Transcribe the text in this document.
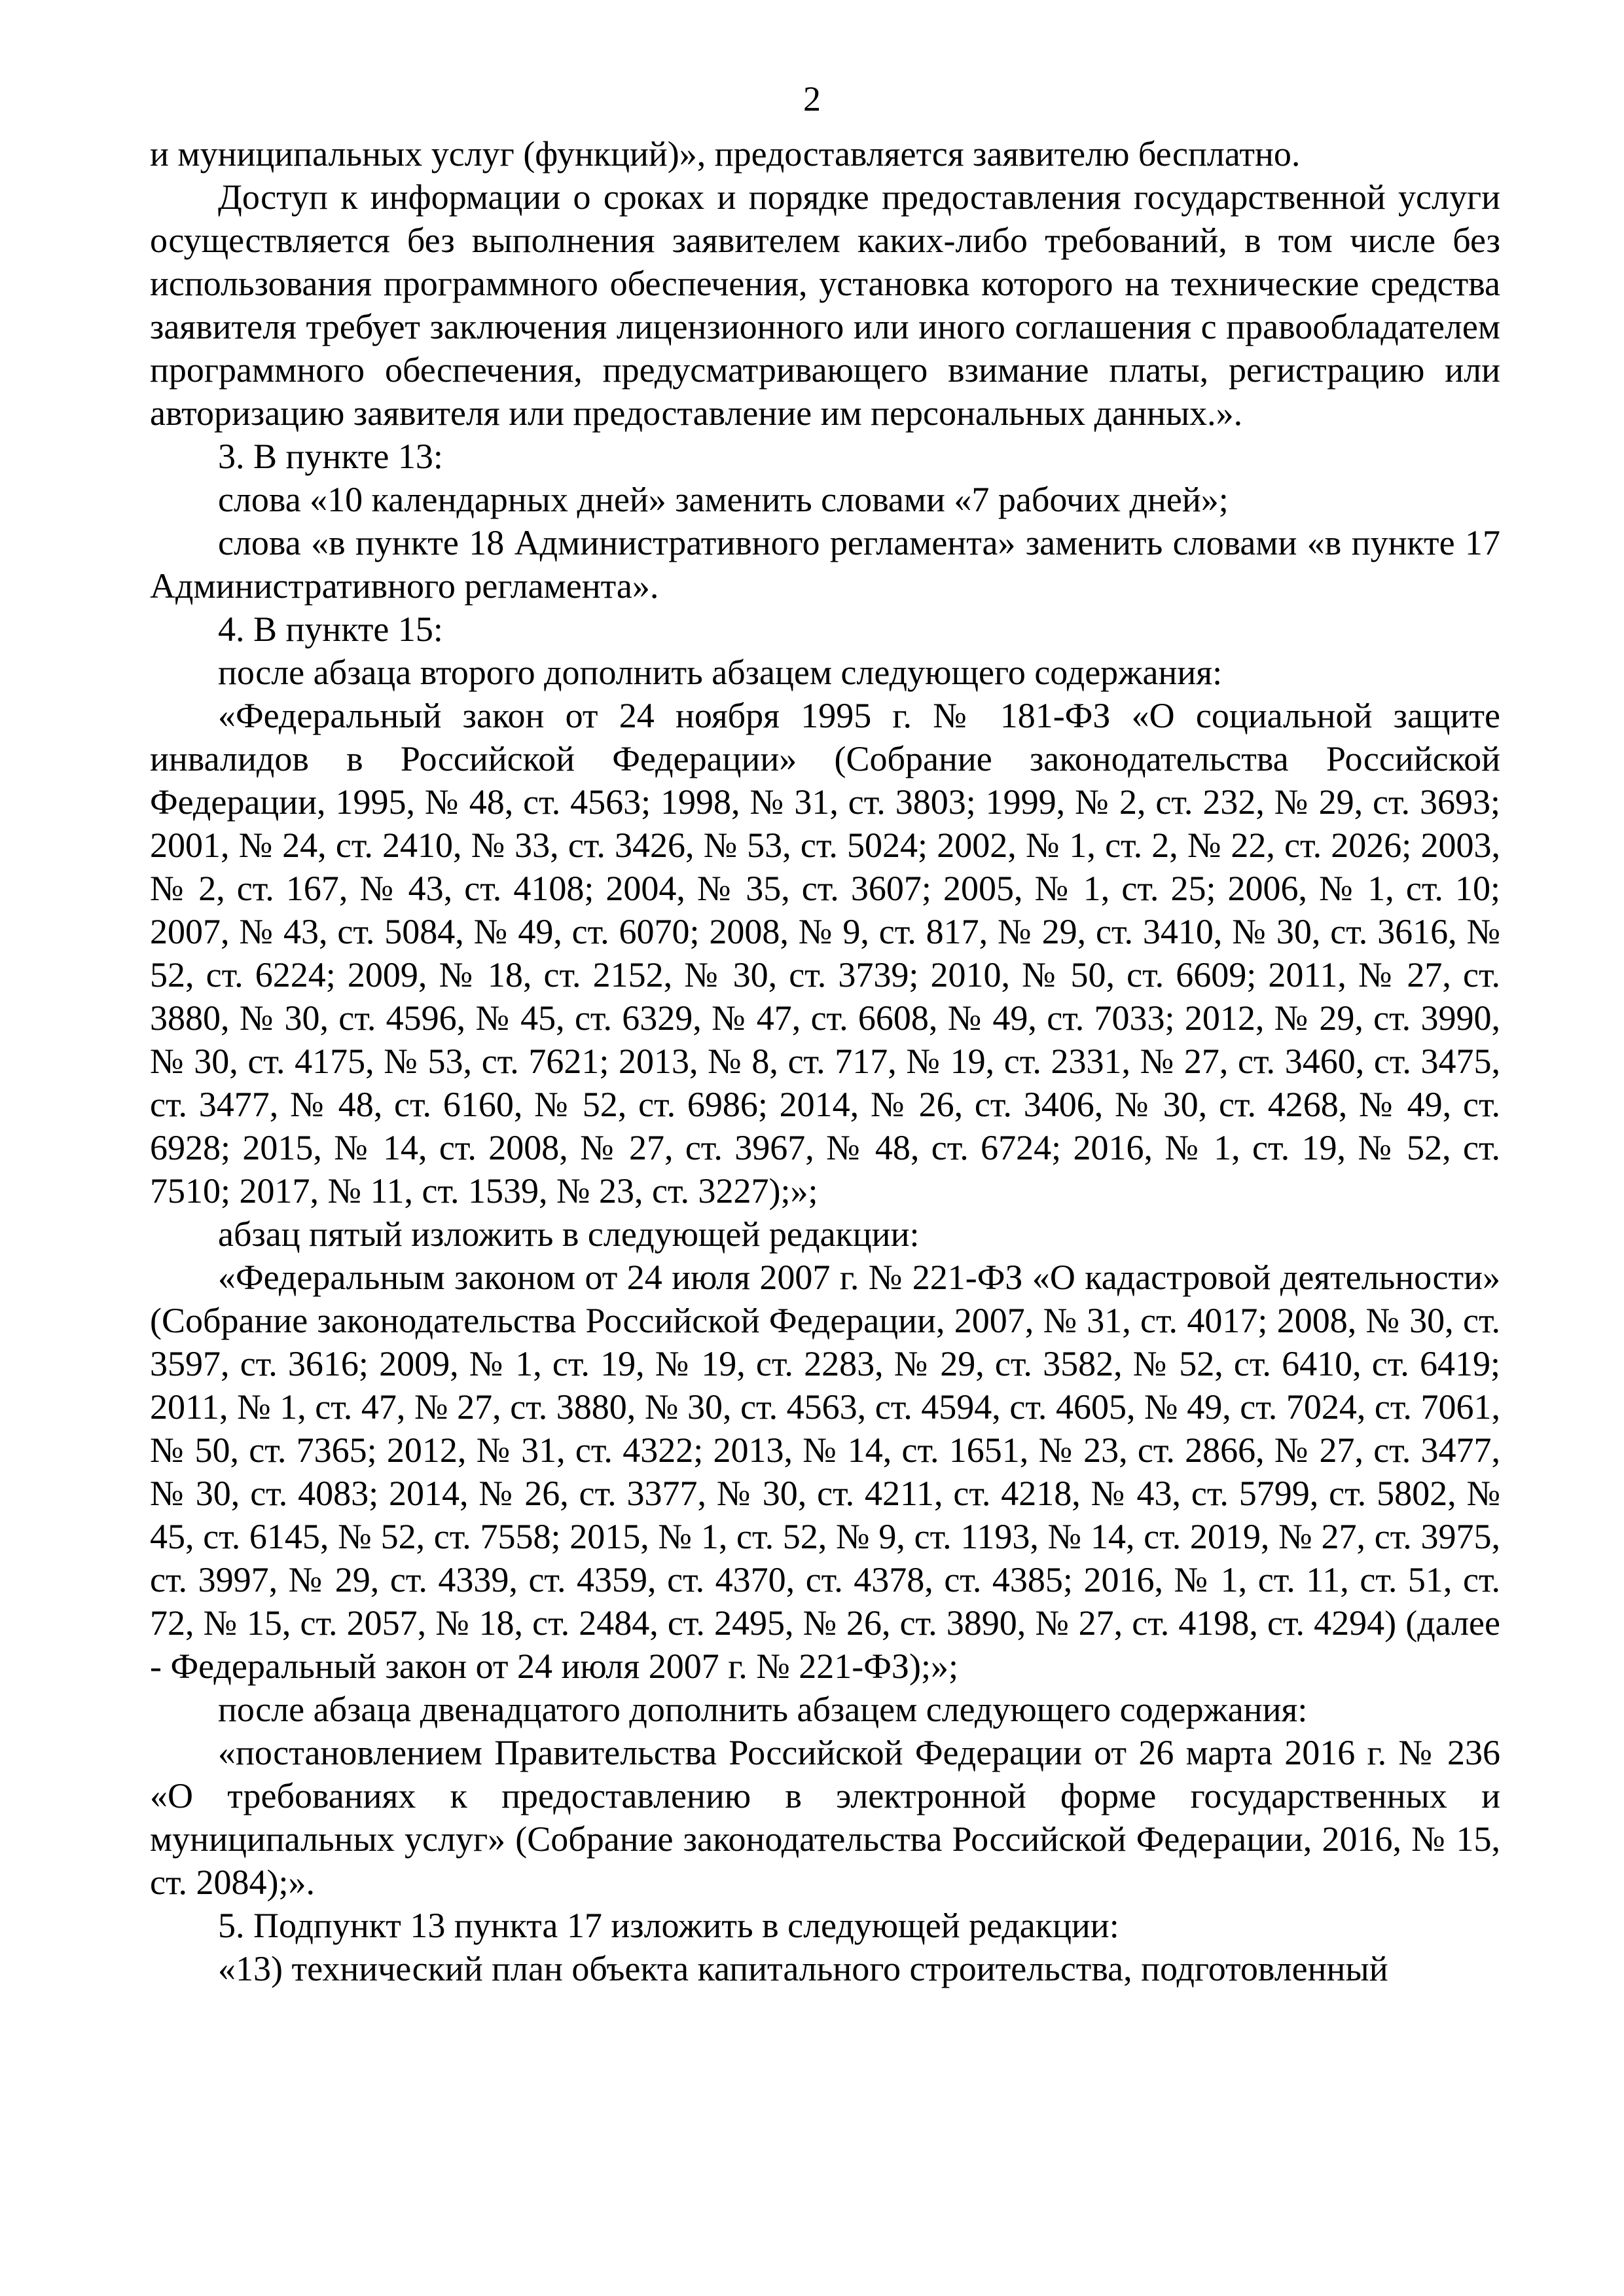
2

и муниципальных услуг (функций)», предоставляется заявителю бесплатно.

Доступ к информации о сроках и порядке предоставления государственной услуги осуществляется без выполнения заявителем каких-либо требований, в том числе без использования программного обеспечения, установка которого на технические средства заявителя требует заключения лицензионного или иного соглашения с правообладателем программного обеспечения, предусматривающего взимание платы, регистрацию или авторизацию заявителя или предоставление им персональных данных.».

3. В пункте 13:

слова «10 календарных дней» заменить словами «7 рабочих дней»;

слова «в пункте 18 Административного регламента» заменить словами «в пункте 17 Административного регламента».

4. В пункте 15:

после абзаца второго дополнить абзацем следующего содержания:

«Федеральный закон от 24 ноября 1995 г. № 181-ФЗ «О социальной защите инвалидов в Российской Федерации» (Собрание законодательства Российской Федерации, 1995, № 48, ст. 4563; 1998, № 31, ст. 3803; 1999, № 2, ст. 232, № 29, ст. 3693; 2001, № 24, ст. 2410, № 33, ст. 3426, № 53, ст. 5024; 2002, № 1, ст. 2, № 22, ст. 2026; 2003, № 2, ст. 167, № 43, ст. 4108; 2004, № 35, ст. 3607; 2005, № 1, ст. 25; 2006, № 1, ст. 10; 2007, № 43, ст. 5084, № 49, ст. 6070; 2008, № 9, ст. 817, № 29, ст. 3410, № 30, ст. 3616, № 52, ст. 6224; 2009, № 18, ст. 2152, № 30, ст. 3739; 2010, № 50, ст. 6609; 2011, № 27, ст. 3880, № 30, ст. 4596, № 45, ст. 6329, № 47, ст. 6608, № 49, ст. 7033; 2012, № 29, ст. 3990, № 30, ст. 4175, № 53, ст. 7621; 2013, № 8, ст. 717, № 19, ст. 2331, № 27, ст. 3460, ст. 3475, ст. 3477, № 48, ст. 6160, № 52, ст. 6986; 2014, № 26, ст. 3406, № 30, ст. 4268, № 49, ст. 6928; 2015, № 14, ст. 2008, № 27, ст. 3967, № 48, ст. 6724; 2016, № 1, ст. 19, № 52, ст. 7510; 2017, № 11, ст. 1539, № 23, ст. 3227);»;

абзац пятый изложить в следующей редакции:

«Федеральным законом от 24 июля 2007 г. № 221-ФЗ «О кадастровой деятельности» (Собрание законодательства Российской Федерации, 2007, № 31, ст. 4017; 2008, № 30, ст. 3597, ст. 3616; 2009, № 1, ст. 19, № 19, ст. 2283, № 29, ст. 3582, № 52, ст. 6410, ст. 6419; 2011, № 1, ст. 47, № 27, ст. 3880, № 30, ст. 4563, ст. 4594, ст. 4605, № 49, ст. 7024, ст. 7061, № 50, ст. 7365; 2012, № 31, ст. 4322; 2013, № 14, ст. 1651, № 23, ст. 2866, № 27, ст. 3477, № 30, ст. 4083; 2014, № 26, ст. 3377, № 30, ст. 4211, ст. 4218, № 43, ст. 5799, ст. 5802, № 45, ст. 6145, № 52, ст. 7558; 2015, № 1, ст. 52, № 9, ст. 1193, № 14, ст. 2019, № 27, ст. 3975, ст. 3997, № 29, ст. 4339, ст. 4359, ст. 4370, ст. 4378, ст. 4385; 2016, № 1, ст. 11, ст. 51, ст. 72, № 15, ст. 2057, № 18, ст. 2484, ст. 2495, № 26, ст. 3890, № 27, ст. 4198, ст. 4294) (далее - Федеральный закон от 24 июля 2007 г. № 221-ФЗ);»;

после абзаца двенадцатого дополнить абзацем следующего содержания:

«постановлением Правительства Российской Федерации от 26 марта 2016 г. № 236 «О требованиях к предоставлению в электронной форме государственных и муниципальных услуг» (Собрание законодательства Российской Федерации, 2016, № 15, ст. 2084);».

5. Подпункт 13 пункта 17 изложить в следующей редакции:

«13) технический план объекта капитального строительства, подготовленный
